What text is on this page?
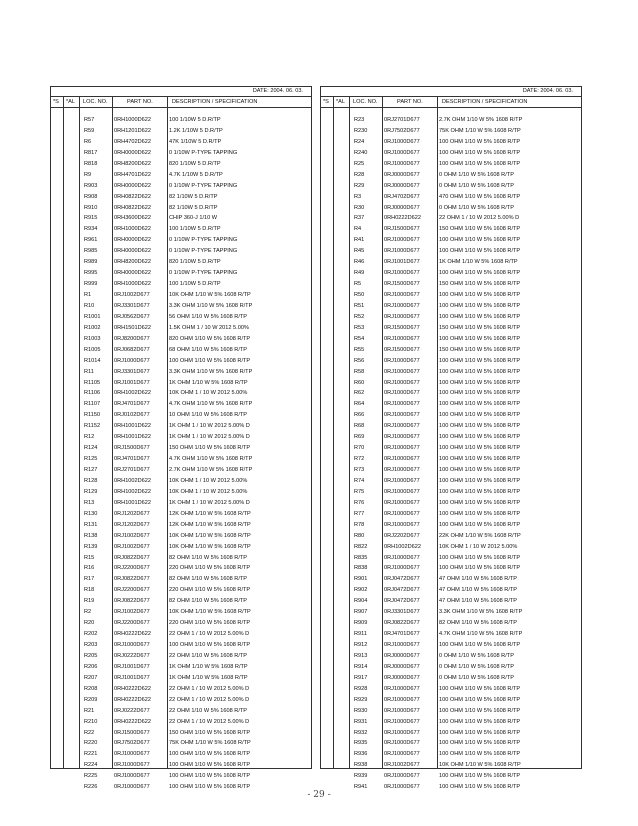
DATE: 2004. 06. 03.
*S *AL LOC. NO.	PART NO.	DESCRIPTION / SPECIFICATION
R57	0RH1000D622	100 1/10W 5 D.R/TP
R59	0RH1201D622	1.2K 1/10W 5 D.R/TP
R6	0RH4702D622	47K 1/10W 5 D.R/TP
R817	0RH0000D622	0 1/10W P-TYPE TAPPING
R818	0RH8200D622	820 1/10W 5 D.R/TP
R9	0RH4701D622	4.7K 1/10W 5 D.R/TP
R903	0RH0000D622	0 1/10W P-TYPE TAPPING
R908	0RH0822D622	82 1/10W 5 D.R/TP
R910	0RH0822D622	82 1/10W 5 D.R/TP
R915	0RH3600D622	CHIP 360-J 1/10 W
R934	0RH1000D622	100 1/10W 5 D.R/TP
R961	0RH0000D622	0 1/10W P-TYPE TAPPING
R985	0RH0000D622	0 1/10W P-TYPE TAPPING
R989	0RH8200D622	820 1/10W 5 D.R/TP
R995	0RH0000D622	0 1/10W P-TYPE TAPPING
R999	0RH1000D622	100 1/10W 5 D.R/TP
R1	0RJ1002D677	10K OHM 1/10 W 5% 1608 R/TP
R10	0RJ3301D677	3.3K OHM 1/10 W 5% 1608 R/TP
R1001 0RJ0562D677	56 OHM 1/10 W 5% 1608 R/TP
R1002 0RH1501D622	1.5K OHM 1 / 10 W 2012 5.00%
R1003 0RJ8200D677	820 OHM 1/10 W 5% 1608 R/TP
R1005 0RJ0682D677	68 OHM 1/10 W 5% 1608 R/TP
R1014 0RJ1000D677	100 OHM 1/10 W 5% 1608 R/TP
R11	0RJ3301D677	3.3K OHM 1/10 W 5% 1608 R/TP
R1105 0RJ1001D677	1K OHM 1/10 W 5% 1608 R/TP
R1106 0RH1002D622	10K OHM 1 / 10 W 2012 5.00%
R1107 0RJ4701D677	4.7K OHM 1/10 W 5% 1608 R/TP
R1150 0RJ0102D677	10 OHM 1/10 W 5% 1608 R/TP
R1152 0RH1001D622	1K OHM 1 / 10 W 2012 5.00% D
R12	0RH1001D622	1K OHM 1 / 10 W 2012 5.00% D
R124	0RJ1500D677	150 OHM 1/10 W 5% 1608 R/TP
R125	0RJ4701D677	4.7K OHM 1/10 W 5% 1608 R/TP
R127	0RJ2701D677	2.7K OHM 1/10 W 5% 1608 R/TP
R128	0RH1002D622	10K OHM 1 / 10 W 2012 5.00%
R129	0RH1002D622	10K OHM 1 / 10 W 2012 5.00%
R13	0RH1001D622	1K OHM 1 / 10 W 2012 5.00% D
R130	0RJ1202D677	12K OHM 1/10 W 5% 1608 R/TP
R131	0RJ1202D677	12K OHM 1/10 W 5% 1608 R/TP
R138	0RJ1002D677	10K OHM 1/10 W 5% 1608 R/TP
R139	0RJ1002D677	10K OHM 1/10 W 5% 1608 R/TP
R15	0RJ0822D677	82 OHM 1/10 W 5% 1608 R/TP
R16	0RJ2200D677	220 OHM 1/10 W 5% 1608 R/TP
R17	0RJ0822D677	82 OHM 1/10 W 5% 1608 R/TP
R18	0RJ2200D677	220 OHM 1/10 W 5% 1608 R/TP
R19	0RJ0822D677	82 OHM 1/10 W 5% 1608 R/TP
R2	0RJ1002D677	10K OHM 1/10 W 5% 1608 R/TP
R20	0RJ2200D677	220 OHM 1/10 W 5% 1608 R/TP
R202	0RH0222D622	22 OHM 1 / 10 W 2012 5.00% D
R203	0RJ1000D677	100 OHM 1/10 W 5% 1608 R/TP
R205	0RJ0222D677	22 OHM 1/10 W 5% 1608 R/TP
R206	0RJ1001D677	1K OHM 1/10 W 5% 1608 R/TP
R207	0RJ1001D677	1K OHM 1/10 W 5% 1608 R/TP
R208	0RH0222D622	22 OHM 1 / 10 W 2012 5.00% D
R209	0RH0222D622	22 OHM 1 / 10 W 2012 5.00% D
R21	0RJ0222D677	22 OHM 1/10 W 5% 1608 R/TP
R210	0RH0222D622	22 OHM 1 / 10 W 2012 5.00% D
R22	0RJ1500D677	150 OHM 1/10 W 5% 1608 R/TP
R220	0RJ7502D677	75K OHM 1/10 W 5% 1608 R/TP
R221	0RJ1000D677	100 OHM 1/10 W 5% 1608 R/TP
R224	0RJ1000D677	100 OHM 1/10 W 5% 1608 R/TP
R225	0RJ1000D677	100 OHM 1/10 W 5% 1608 R/TP
R226	0RJ1000D677	100 OHM 1/10 W 5% 1608 R/TP
DATE: 2004. 06. 03.
*S *AL LOC. NO.	PART NO.	DESCRIPTION / SPECIFICATION
R23	0RJ2701D677	2.7K OHM 1/10 W 5% 1608 R/TP
R230	0RJ7502D677	75K OHM 1/10 W 5% 1608 R/TP
R24	0RJ1000D677	100 OHM 1/10 W 5% 1608 R/TP
R240	0RJ1000D677	100 OHM 1/10 W 5% 1608 R/TP
R25	0RJ1000D677	100 OHM 1/10 W 5% 1608 R/TP
R28	0RJ0000D677	0 OHM 1/10 W 5% 1608 R/TP
R29	0RJ0000D677	0 OHM 1/10 W 5% 1608 R/TP
R3	0RJ4702D677	470 OHM 1/10 W 5% 1608 R/TP
R30	0RJ0000D677	0 OHM 1/10 W 5% 1608 R/TP
R37	0RH0222D622	22 OHM 1 / 10 W 2012 5.00% D
R4	0RJ1500D677	150 OHM 1/10 W 5% 1608 R/TP
R41	0RJ1000D677	100 OHM 1/10 W 5% 1608 R/TP
R45	0RJ1000D677	100 OHM 1/10 W 5% 1608 R/TP
R46	0RJ1001D677	1K OHM 1/10 W 5% 1608 R/TP
R49	0RJ1000D677	100 OHM 1/10 W 5% 1608 R/TP
R5	0RJ1500D677	150 OHM 1/10 W 5% 1608 R/TP
R50	0RJ1000D677	100 OHM 1/10 W 5% 1608 R/TP
R51	0RJ1000D677	100 OHM 1/10 W 5% 1608 R/TP
R52	0RJ1000D677	100 OHM 1/10 W 5% 1608 R/TP
R53	0RJ1500D677	150 OHM 1/10 W 5% 1608 R/TP
R54	0RJ1000D677	100 OHM 1/10 W 5% 1608 R/TP
R55	0RJ1500D677	150 OHM 1/10 W 5% 1608 R/TP
R56	0RJ1000D677	100 OHM 1/10 W 5% 1608 R/TP
R58	0RJ1000D677	100 OHM 1/10 W 5% 1608 R/TP
R60	0RJ1000D677	100 OHM 1/10 W 5% 1608 R/TP
R62	0RJ1000D677	100 OHM 1/10 W 5% 1608 R/TP
R64	0RJ1000D677	100 OHM 1/10 W 5% 1608 R/TP
R66	0RJ1000D677	100 OHM 1/10 W 5% 1608 R/TP
R68	0RJ1000D677	100 OHM 1/10 W 5% 1608 R/TP
R69	0RJ1000D677	100 OHM 1/10 W 5% 1608 R/TP
R70	0RJ1000D677	100 OHM 1/10 W 5% 1608 R/TP
R72	0RJ1000D677	100 OHM 1/10 W 5% 1608 R/TP
R73	0RJ1000D677	100 OHM 1/10 W 5% 1608 R/TP
R74	0RJ1000D677	100 OHM 1/10 W 5% 1608 R/TP
R75	0RJ1000D677	100 OHM 1/10 W 5% 1608 R/TP
R76	0RJ1000D677	100 OHM 1/10 W 5% 1608 R/TP
R77	0RJ1000D677	100 OHM 1/10 W 5% 1608 R/TP
R78	0RJ1000D677	100 OHM 1/10 W 5% 1608 R/TP
R80	0RJ2202D677	22K OHM 1/10 W 5% 1608 R/TP
R822	0RH1002D622	10K OHM 1 / 10 W 2012 5.00%
R835	0RJ1000D677	100 OHM 1/10 W 5% 1608 R/TP
R838	0RJ1000D677	100 OHM 1/10 W 5% 1608 R/TP
R901	0RJ0472D677	47 OHM 1/10 W 5% 1608 R/TP
R902	0RJ0472D677	47 OHM 1/10 W 5% 1608 R/TP
R904	0RJ0472D677	47 OHM 1/10 W 5% 1608 R/TP
R907	0RJ3301D677	3.3K OHM 1/10 W 5% 1608 R/TP
R909	0RJ0822D677	82 OHM 1/10 W 5% 1608 R/TP
R911	0RJ4701D677	4.7K OHM 1/10 W 5% 1608 R/TP
R912	0RJ1000D677	100 OHM 1/10 W 5% 1608 R/TP
R913	0RJ0000D677	0 OHM 1/10 W 5% 1608 R/TP
R914	0RJ0000D677	0 OHM 1/10 W 5% 1608 R/TP
R917	0RJ0000D677	0 OHM 1/10 W 5% 1608 R/TP
R928	0RJ1000D677	100 OHM 1/10 W 5% 1608 R/TP
R929	0RJ1000D677	100 OHM 1/10 W 5% 1608 R/TP
R930	0RJ1000D677	100 OHM 1/10 W 5% 1608 R/TP
R931	0RJ1000D677	100 OHM 1/10 W 5% 1608 R/TP
R932	0RJ1000D677	100 OHM 1/10 W 5% 1608 R/TP
R935	0RJ1000D677	100 OHM 1/10 W 5% 1608 R/TP
R936	0RJ1000D677	100 OHM 1/10 W 5% 1608 R/TP
R938	0RJ1002D677	10K OHM 1/10 W 5% 1608 R/TP
R939	0RJ1000D677	100 OHM 1/10 W 5% 1608 R/TP
R941	0RJ1000D677	100 OHM 1/10 W 5% 1608 R/TP
- 29 -
